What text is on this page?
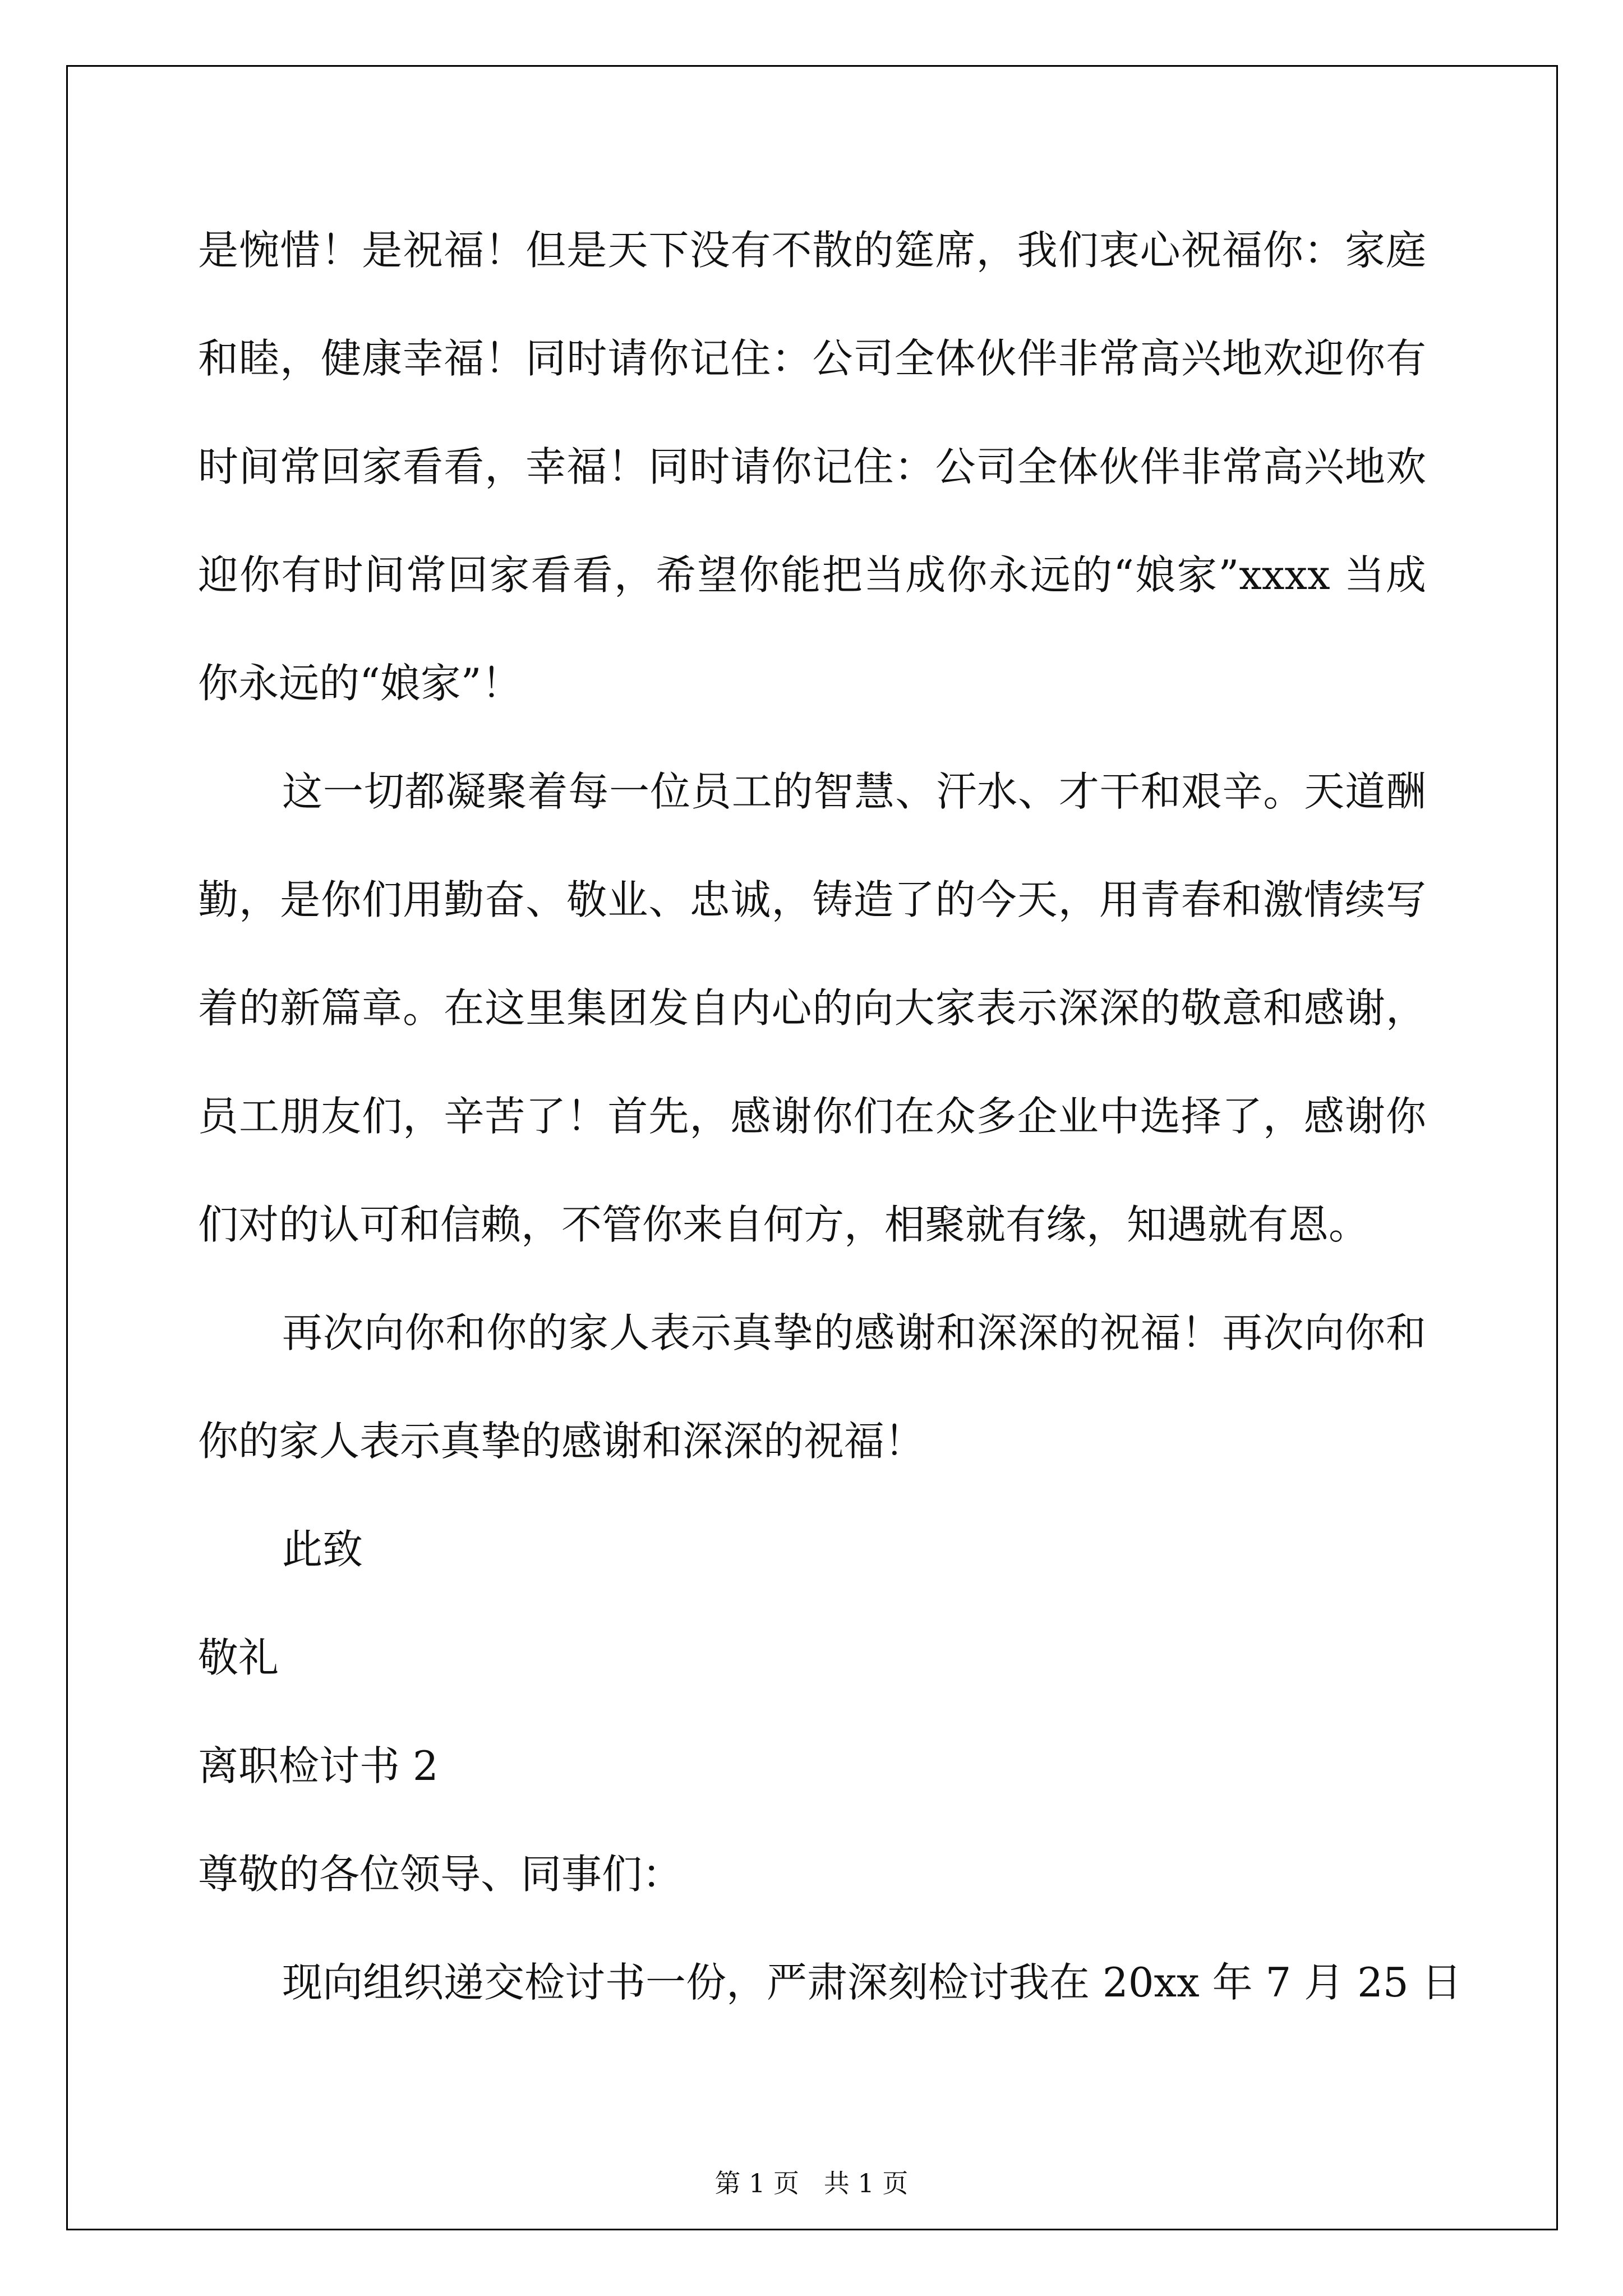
是惋惜！是祝福！但是天下没有不散的筵席，我们衷心祝福你：家庭
和睦，健康幸福！同时请你记住：公司全体伙伴非常高兴地欢迎你有
时间常回家看看，幸福！同时请你记住：公司全体伙伴非常高兴地欢
迎你有时间常回家看看，希望你能把当成你永远的“娘家”xxxx 当成
你永远的“娘家”！
这一切都凝聚着每一位员工的智慧、汗水、才干和艰辛。天道酬
勤，是你们用勤奋、敬业、忠诚，铸造了的今天，用青春和激情续写
着的新篇章。在这里集团发自内心的向大家表示深深的敬意和感谢，
员工朋友们，辛苦了！首先，感谢你们在众多企业中选择了，感谢你
们对的认可和信赖，不管你来自何方，相聚就有缘，知遇就有恩。
再次向你和你的家人表示真挚的感谢和深深的祝福！再次向你和
你的家人表示真挚的感谢和深深的祝福！
此致
敬礼
离职检讨书 2
尊敬的各位领导、同事们：
现向组织递交检讨书一份，严肃深刻检讨我在 20xx 年 7 月 25 日
第 1 页   共 1 页
